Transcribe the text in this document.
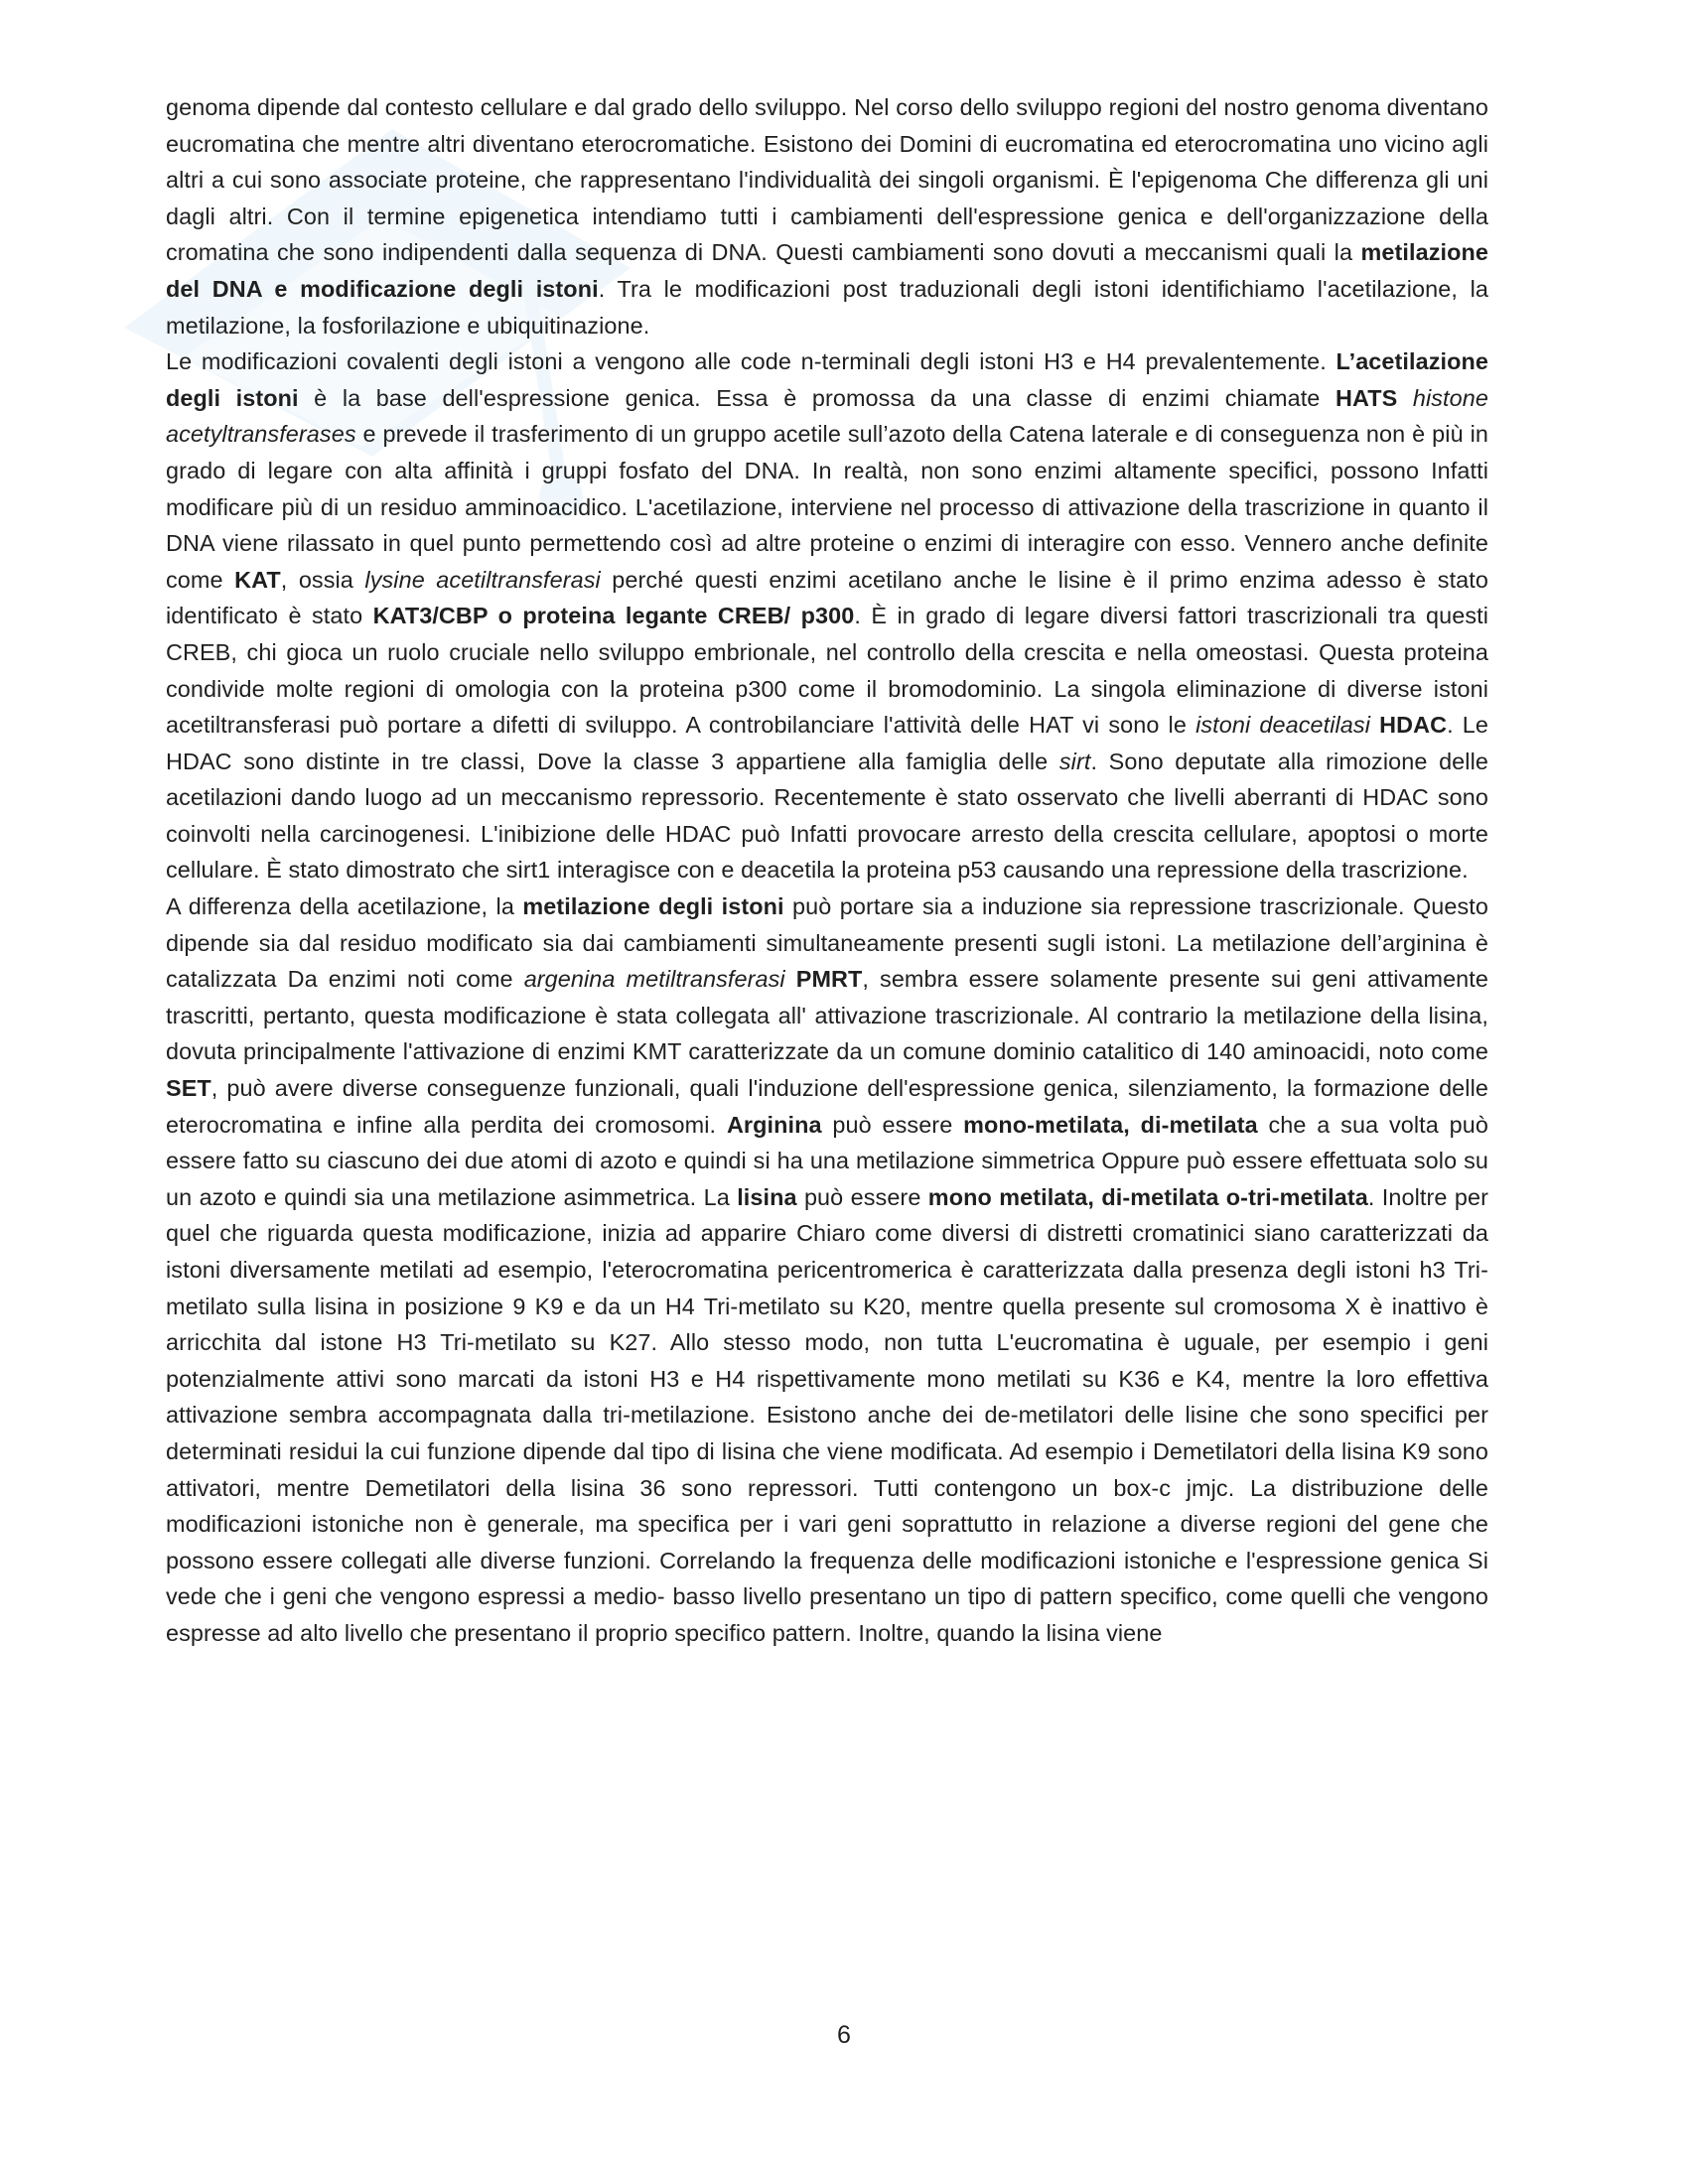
genoma dipende dal contesto cellulare e dal grado dello sviluppo. Nel corso dello sviluppo regioni del nostro genoma diventano eucromatina che mentre altri diventano eterocromatiche. Esistono dei Domini di eucromatina ed eterocromatina uno vicino agli altri a cui sono associate proteine, che rappresentano l'individualità dei singoli organismi. È l'epigenoma Che differenza gli uni dagli altri. Con il termine epigenetica intendiamo tutti i cambiamenti dell'espressione genica e dell'organizzazione della cromatina che sono indipendenti dalla sequenza di DNA. Questi cambiamenti sono dovuti a meccanismi quali la metilazione del DNA e modificazione degli istoni. Tra le modificazioni post traduzionali degli istoni identifichiamo l'acetilazione, la metilazione, la fosforilazione e ubiquitinazione.

Le modificazioni covalenti degli istoni a vengono alle code n-terminali degli istoni H3 e H4 prevalentemente. L’acetilazione degli istoni è la base dell'espressione genica. Essa è promossa da una classe di enzimi chiamate HATS histone acetyltransferases e prevede il trasferimento di un gruppo acetile sull’azoto della Catena laterale e di conseguenza non è più in grado di legare con alta affinità i gruppi fosfato del DNA. In realtà, non sono enzimi altamente specifici, possono Infatti modificare più di un residuo amminoacidico. L'acetilazione, interviene nel processo di attivazione della trascrizione in quanto il DNA viene rilassato in quel punto permettendo così ad altre proteine o enzimi di interagire con esso. Vennero anche definite come KAT, ossia lysine acetiltransferasi perché questi enzimi acetilano anche le lisine è il primo enzima adesso è stato identificato è stato KAT3/CBP o proteina legante CREB/ p300. È in grado di legare diversi fattori trascrizionali tra questi CREB, chi gioca un ruolo cruciale nello sviluppo embrionale, nel controllo della crescita e nella omeostasi. Questa proteina condivide molte regioni di omologia con la proteina p300 come il bromodominio. La singola eliminazione di diverse istoni acetiltransferasi può portare a difetti di sviluppo. A controbilanciare l'attività delle HAT vi sono le istoni deacetilasi HDAC. Le HDAC sono distinte in tre classi, Dove la classe 3 appartiene alla famiglia delle sirt. Sono deputate alla rimozione delle acetilazioni dando luogo ad un meccanismo repressorio. Recentemente è stato osservato che livelli aberranti di HDAC sono coinvolti nella carcinogenesi. L'inibizione delle HDAC può Infatti provocare arresto della crescita cellulare, apoptosi o morte cellulare. È stato dimostrato che sirt1 interagisce con e deacetila la proteina p53 causando una repressione della trascrizione.

A differenza della acetilazione, la metilazione degli istoni può portare sia a induzione sia repressione trascrizionale. Questo dipende sia dal residuo modificato sia dai cambiamenti simultaneamente presenti sugli istoni. La metilazione dell’arginina è catalizzata Da enzimi noti come argenina metiltransferasi PMRT, sembra essere solamente presente sui geni attivamente trascritti, pertanto, questa modificazione è stata collegata all' attivazione trascrizionale. Al contrario la metilazione della lisina, dovuta principalmente l'attivazione di enzimi KMT caratterizzate da un comune dominio catalitico di 140 aminoacidi, noto come SET, può avere diverse conseguenze funzionali, quali l'induzione dell'espressione genica, silenziamento, la formazione delle eterocromatina e infine alla perdita dei cromosomi. Arginina può essere mono-metilata, di-metilata che a sua volta può essere fatto su ciascuno dei due atomi di azoto e quindi si ha una metilazione simmetrica Oppure può essere effettuata solo su un azoto e quindi sia una metilazione asimmetrica. La lisina può essere mono metilata, di-metilata o-tri-metilata. Inoltre per quel che riguarda questa modificazione, inizia ad apparire Chiaro come diversi di distretti cromatinici siano caratterizzati da istoni diversamente metilati ad esempio, l'eterocromatina pericentromerica è caratterizzata dalla presenza degli istoni h3 Tri-metilato sulla lisina in posizione 9 K9 e da un H4 Tri-metilato su K20, mentre quella presente sul cromosoma X è inattivo è arricchita dal istone H3 Tri-metilato su K27. Allo stesso modo, non tutta L'eucromatina è uguale, per esempio i geni potenzialmente attivi sono marcati da istoni H3 e H4 rispettivamente mono metilati su K36 e K4, mentre la loro effettiva attivazione sembra accompagnata dalla tri-metilazione. Esistono anche dei de-metilatori delle lisine che sono specifici per determinati residui la cui funzione dipende dal tipo di lisina che viene modificata. Ad esempio i Demetilatori della lisina K9 sono attivatori, mentre Demetilatori della lisina 36 sono repressori. Tutti contengono un box-c jmjc. La distribuzione delle modificazioni istoniche non è generale, ma specifica per i vari geni soprattutto in relazione a diverse regioni del gene che possono essere collegati alle diverse funzioni. Correlando la frequenza delle modificazioni istoniche e l'espressione genica Si vede che i geni che vengono espressi a medio- basso livello presentano un tipo di pattern specifico, come quelli che vengono espresse ad alto livello che presentano il proprio specifico pattern. Inoltre, quando la lisina viene

6
